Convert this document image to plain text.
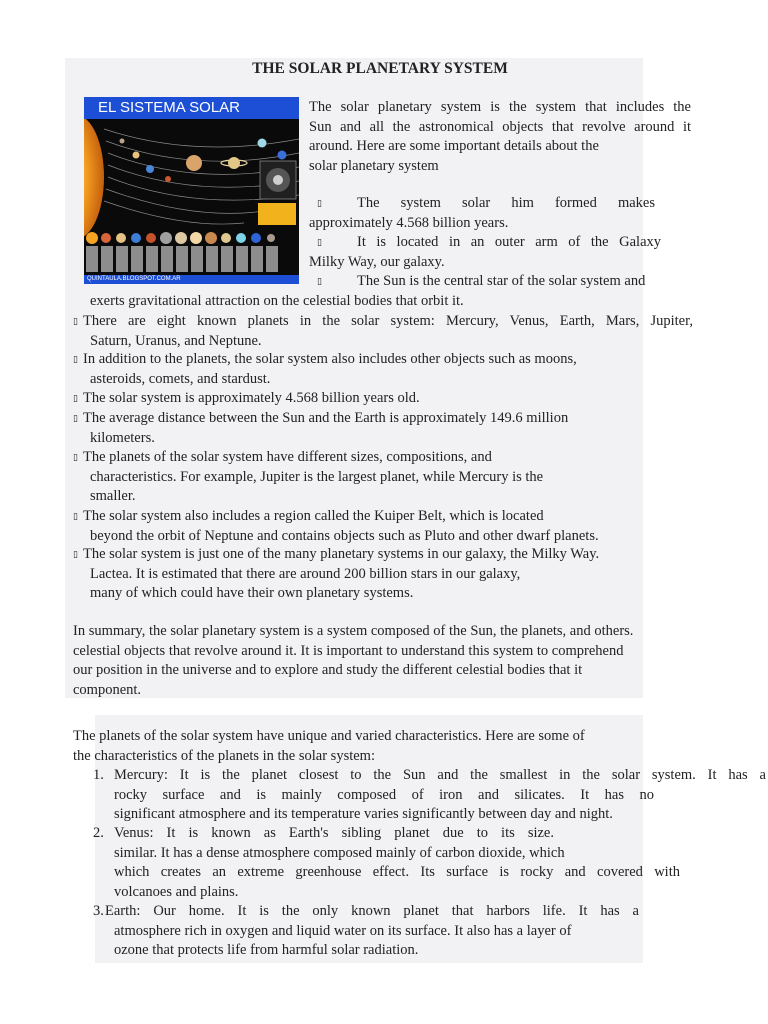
THE SOLAR PLANETARY SYSTEM
EL SISTEMA SOLAR
QUINTAULA.BLOGSPOT.COM.AR
The solar planetary system is the system that includes the
Sun and all the astronomical objects that revolve around it
around. Here are some important details about the
solar planetary system
▯ The system solar him formed makes
approximately 4.568 billion years.
▯ It is located in an outer arm of the Galaxy
Milky Way, our galaxy.
▯ The Sun is the central star of the solar system and
exerts gravitational attraction on the celestial bodies that orbit it.
▯ There are eight known planets in the solar system: Mercury, Venus, Earth, Mars, Jupiter,
Saturn, Uranus, and Neptune.
▯ In addition to the planets, the solar system also includes other objects such as moons,
asteroids, comets, and stardust.
▯ The solar system is approximately 4.568 billion years old.
▯ The average distance between the Sun and the Earth is approximately 149.6 million
kilometers.
▯ The planets of the solar system have different sizes, compositions, and
characteristics. For example, Jupiter is the largest planet, while Mercury is the
smaller.
▯ The solar system also includes a region called the Kuiper Belt, which is located
beyond the orbit of Neptune and contains objects such as Pluto and other dwarf planets.
▯ The solar system is just one of the many planetary systems in our galaxy, the Milky Way.
Lactea. It is estimated that there are around 200 billion stars in our galaxy,
many of which could have their own planetary systems.
In summary, the solar planetary system is a system composed of the Sun, the planets, and others.
celestial objects that revolve around it. It is important to understand this system to comprehend
our position in the universe and to explore and study the different celestial bodies that it
component.
The planets of the solar system have unique and varied characteristics. Here are some of
the characteristics of the planets in the solar system:
1. Mercury: It is the planet closest to the Sun and the smallest in the solar system. It has a
rocky surface and is mainly composed of iron and silicates. It has no
significant atmosphere and its temperature varies significantly between day and night.
2. Venus: It is known as Earth's sibling planet due to its size.
similar. It has a dense atmosphere composed mainly of carbon dioxide, which
which creates an extreme greenhouse effect. Its surface is rocky and covered with
volcanoes and plains.
3. Earth: Our home. It is the only known planet that harbors life. It has a
atmosphere rich in oxygen and liquid water on its surface. It also has a layer of
ozone that protects life from harmful solar radiation.
